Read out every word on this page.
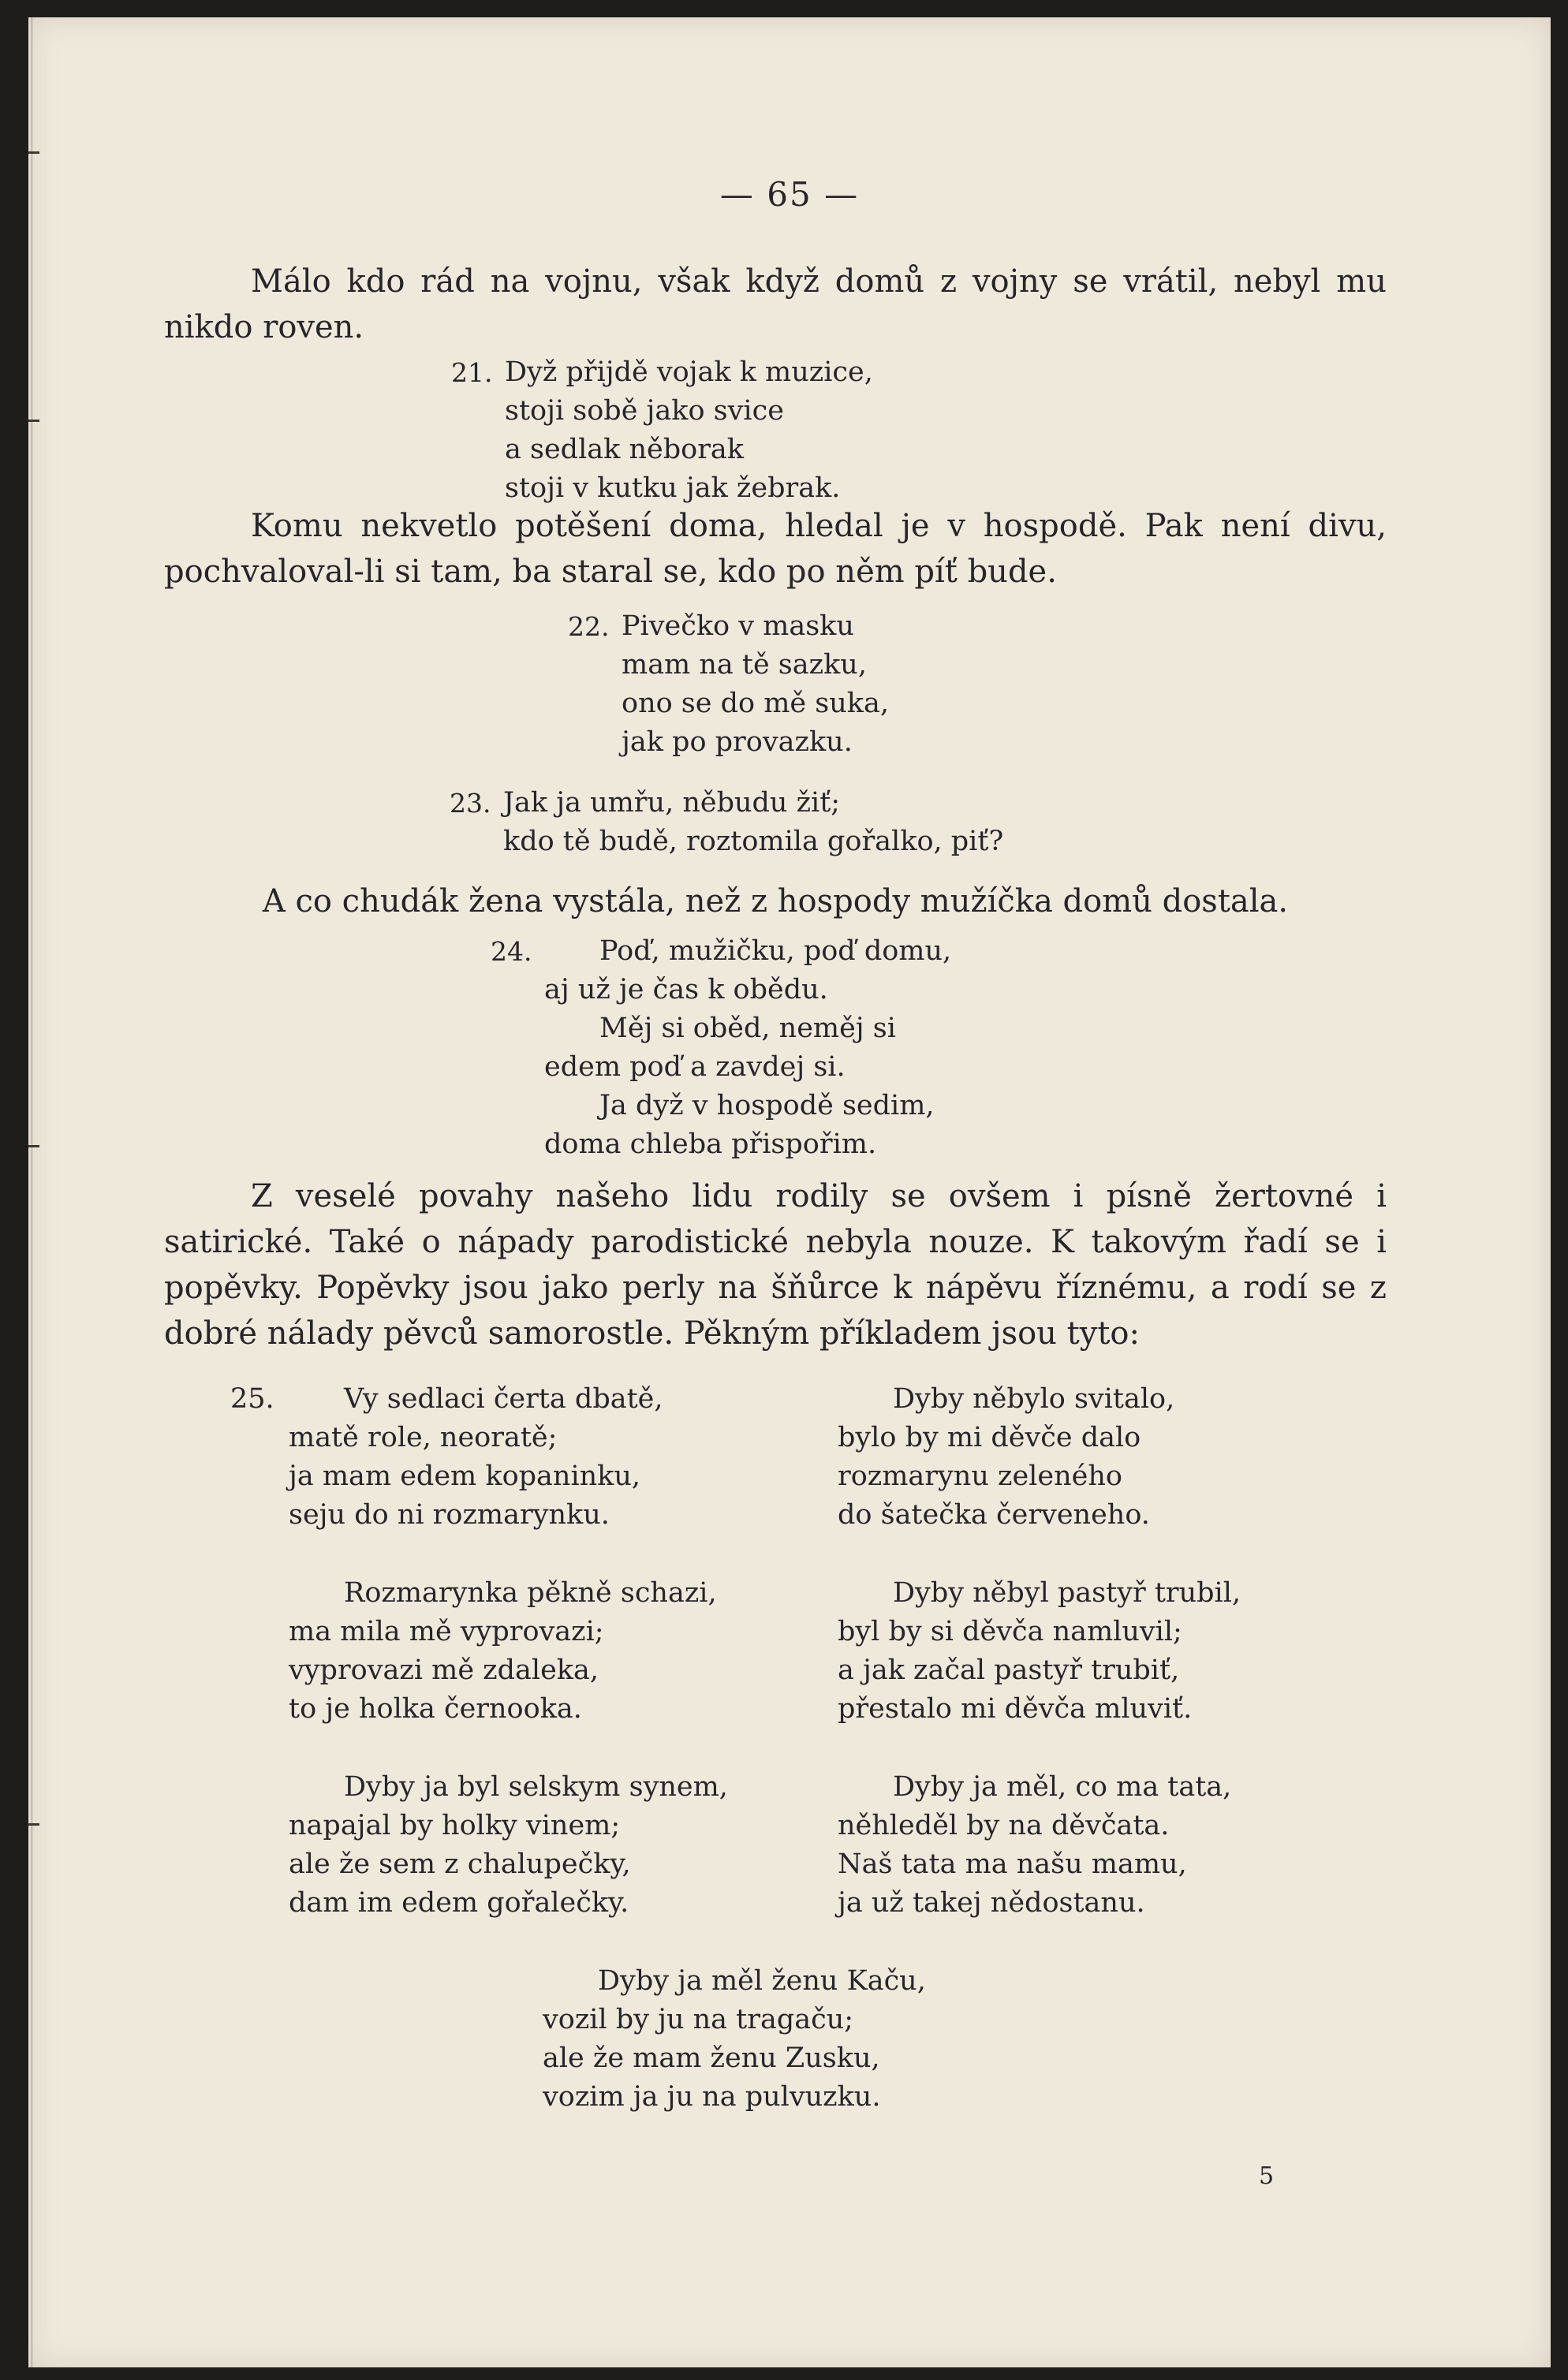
— 65 —

Málo kdo rád na vojnu, však když domů z vojny se vrátil, nebyl mu nikdo roven.

21. Dyž přijdě vojak k muzice,
stoji sobě jako svice
a sedlak něborak
stoji v kutku jak žebrak.

Komu nekvetlo potěšení doma, hledal je v hospodě. Pak není divu, pochvaloval-li si tam, ba staral se, kdo po něm píť bude.

22. Pivečko v masku
mam na tě sazku,
ono se do mě suka,
jak po provazku.
23. Jak ja umřu, něbudu žiť;
kdo tě budě, roztomila gořalko, piť?

A co chudák žena vystála, než z hospody mužíčka domů dostala.

24.	Poď, mužičku, poď domu,
aj už je čas k obědu.
Měj si oběd, neměj si
edem poď a zavdej si.
Ja dyž v hospodě sedim,
doma chleba přispořim.

Z veselé povahy našeho lidu rodily se ovšem i písně žertovné i satirické. Také o nápady parodistické nebyla nouze. K takovým řadí se i popěvky. Popěvky jsou jako perly na šňůrce k nápěvu říznému, a rodí se z dobré nálady pěvců samorostle. Pěkným příkladem jsou tyto:

25.	Vy sedlaci čerta dbatě,
matě role, neoratě;
ja mam edem kopaninku,
seju do ni rozmarynku.
Rozmarynka pěkně schazi,
ma mila mě vyprovazi;
vyprovazi mě zdaleka,
to je holka černooka.
Dyby ja byl selskym synem,
napajal by holky vinem;
ale že sem z chalupečky,
dam im edem gořalečky.
Dyby něbylo svitalo,
bylo by mi děvče dalo
rozmarynu zeleného
do šatečka červeneho.
Dyby něbyl pastyř trubil,
byl by si děvča namluvil;
a jak začal pastyř trubiť,
přestalo mi děvča mluviť.
Dyby ja měl, co ma tata,
něhleděl by na děvčata.
Naš tata ma našu mamu,
ja už takej nědostanu.
Dyby ja měl ženu Kaču,
vozil by ju na tragaču;
ale že mam ženu Zusku,
vozim ja ju na pulvuzku.
5
